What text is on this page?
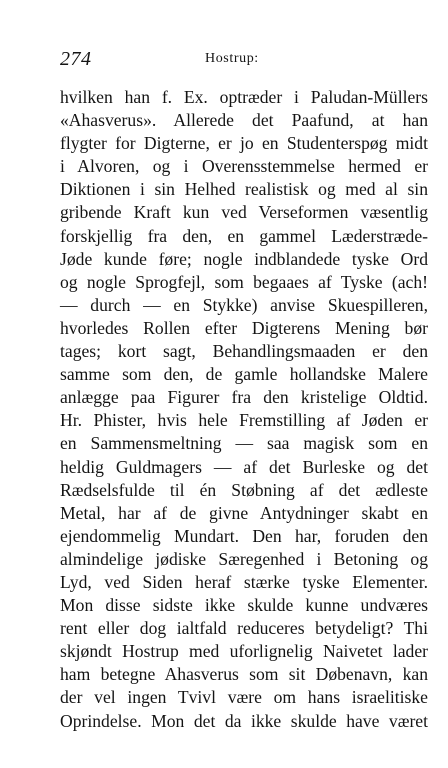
274	Hostrup:
hvilken han f. Ex. optræder i Paludan-Müllers
«Ahasverus». Allerede det Paafund, at han
flygter for Digterne, er jo en Studenterspøg midt
i Alvoren, og i Overensstemmelse hermed er
Diktionen i sin Helhed realistisk og med al sin
gribende Kraft kun ved Verseformen væsentlig
forskjellig fra den, en gammel Læderstræde-
Jøde kunde føre; nogle indblandede tyske Ord
og nogle Sprogfejl, som begaaes af Tyske (ach!
— durch — en Stykke) anvise Skuespilleren,
hvorledes Rollen efter Digterens Mening bør
tages; kort sagt, Behandlingsmaaden er den
samme som den, de gamle hollandske Malere
anlægge paa Figurer fra den kristelige Oldtid.
Hr. Phister, hvis hele Fremstilling af Jøden er
en Sammensmeltning — saa magisk som en
heldig Guldmagers — af det Burleske og det
Rædselsfulde til én Støbning af det ædleste
Metal, har af de givne Antydninger skabt en
ejendommelig Mundart. Den har, foruden den
almindelige jødiske Særegenhed i Betoning og
Lyd, ved Siden heraf stærke tyske Elementer.
Mon disse sidste ikke skulde kunne undværes
rent eller dog ialtfald reduceres betydeligt? Thi
skjøndt Hostrup med uforlignelig Naivetet lader
ham betegne Ahasverus som sit Døbenavn, kan
der vel ingen Tvivl være om hans israelitiske
Oprindelse. Mon det da ikke skulde have været
